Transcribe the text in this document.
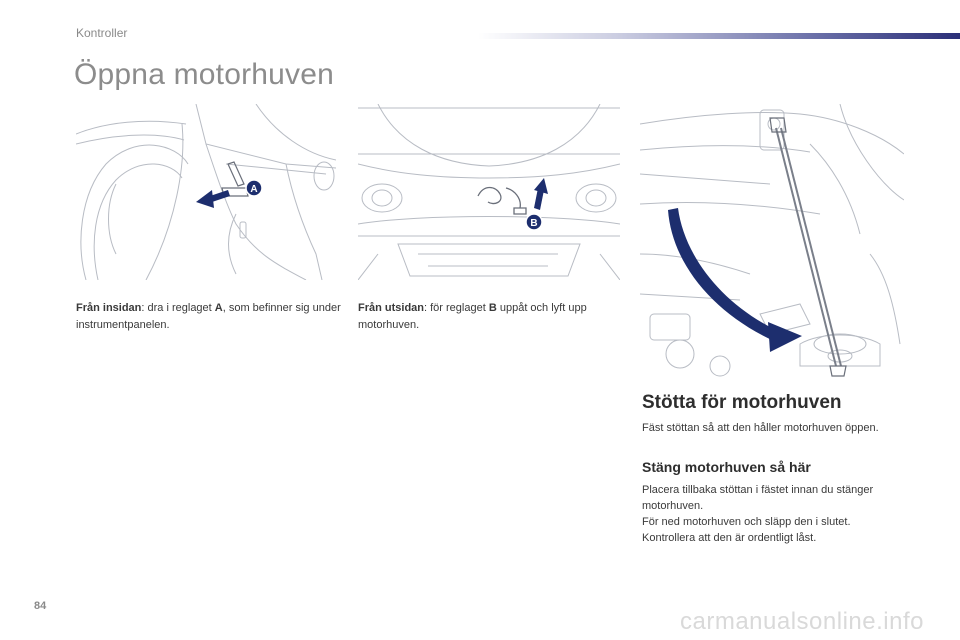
Kontroller
Öppna motorhuven
A
B
Från insidan: dra i reglaget A, som befinner sig under instrumentpanelen.
Från utsidan: för reglaget B uppåt och lyft upp motorhuven.
Stötta för motorhuven
Fäst stöttan så att den håller motorhuven öppen.
Stäng motorhuven så här
Placera tillbaka stöttan i fästet innan du stänger motorhuven.
För ned motorhuven och släpp den i slutet.
Kontrollera att den är ordentligt låst.
84
carmanualsonline.info
